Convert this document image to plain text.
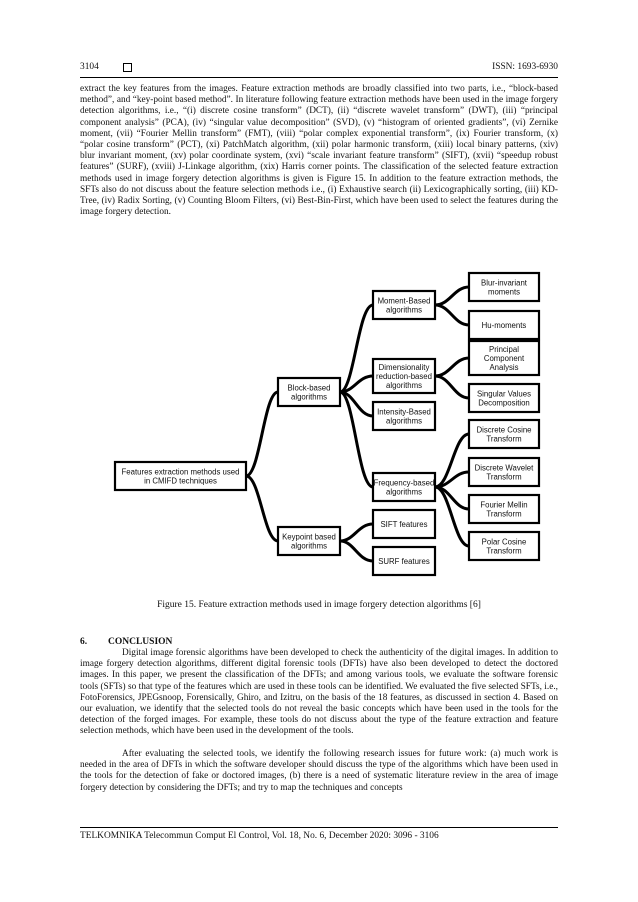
3104	ISSN: 1693-6930

extract the key features from the images. Feature extraction methods are broadly classified into two parts, i.e., “block-based method”, and “key-point based method”. In literature following feature extraction methods have been used in the image forgery detection algorithms, i.e., “(i) discrete cosine transform” (DCT), (ii) “discrete wavelet transform” (DWT), (iii) “principal component analysis” (PCA), (iv) “singular value decomposition” (SVD), (v) “histogram of oriented gradients”, (vi) Zernike moment, (vii) “Fourier Mellin transform” (FMT), (viii) “polar complex exponential transform”, (ix) Fourier transform, (x) “polar cosine transform” (PCT), (xi) PatchMatch algorithm, (xii) polar harmonic transform, (xiii) local binary patterns, (xiv) blur invariant moment, (xv) polar coordinate system, (xvi) “scale invariant feature transform” (SIFT), (xvii) “speedup robust features” (SURF), (xviii) J-Linkage algorithm, (xix) Harris corner points. The classification of the selected feature extraction methods used in image forgery detection algorithms is given is Figure 15. In addition to the feature extraction methods, the SFTs also do not discuss about the feature selection methods i.e., (i) Exhaustive search (ii) Lexicographically sorting, (iii) KD-Tree, (iv) Radix Sorting, (v) Counting Bloom Filters, (vi) Best-Bin-First, which have been used to select the features during the image forgery detection.

Features extraction methods used
in CMIFD techniques
Block-based
algorithms
Keypoint based
algorithms
Moment-Based
algorithms
Dimensionality
reduction-based
algorithms
Intensity-Based
algorithms
Frequency-based
algorithms
SIFT features
SURF features
Blur-invariant
moments
Hu-moments
Principal
Component
Analysis
Singular Values
Decomposition
Discrete Cosine
Transform
Discrete Wavelet
Transform
Fourier Mellin
Transform
Polar Cosine
Transform
Figure 15. Feature extraction methods used in image forgery detection algorithms [6]
6. CONCLUSION

Digital image forensic algorithms have been developed to check the authenticity of the digital images. In addition to image forgery detection algorithms, different digital forensic tools (DFTs) have also been developed to detect the doctored images. In this paper, we present the classification of the DFTs; and among various tools, we evaluate the software forensic tools (SFTs) so that type of the features which are used in these tools can be identified. We evaluated the five selected SFTs, i.e., FotoForensics, JPEGsnoop, Forensically, Ghiro, and Izitru, on the basis of the 18 features, as discussed in section 4. Based on our evaluation, we identify that the selected tools do not reveal the basic concepts which have been used in the tools for the detection of the forged images. For example, these tools do not discuss about the type of the feature extraction and feature selection methods, which have been used in the development of the tools.

After evaluating the selected tools, we identify the following research issues for future work: (a) much work is needed in the area of DFTs in which the software developer should discuss the type of the algorithms which have been used in the tools for the detection of fake or doctored images, (b) there is a need of systematic literature review in the area of image forgery detection by considering the DFTs; and try to map the techniques and concepts

TELKOMNIKA Telecommun Comput El Control, Vol. 18, No. 6, December 2020: 3096 - 3106
